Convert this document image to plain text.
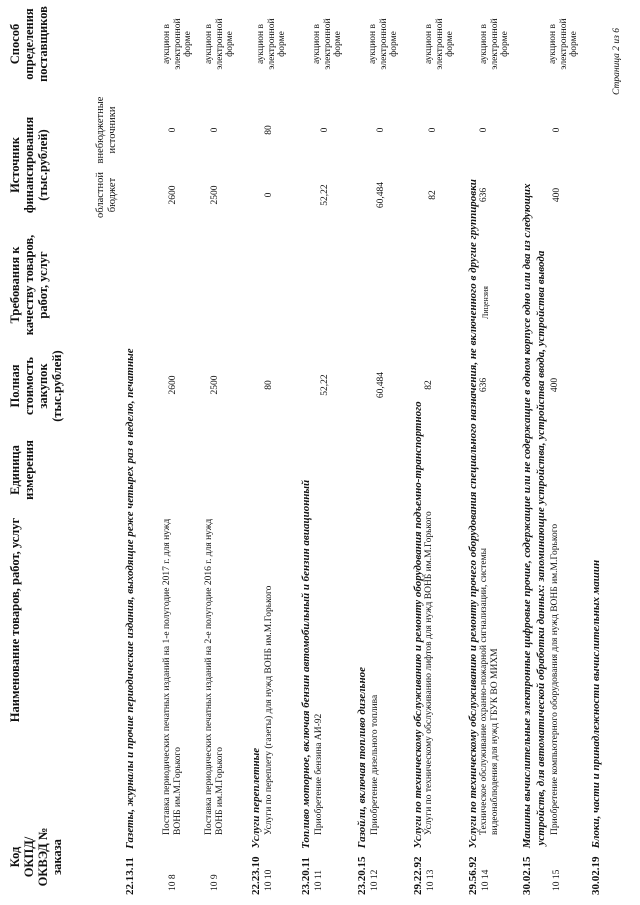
Код ОКПД/ ОКВЭД № заказа
Наименование товаров, работ, услуг
Единица измерения
Полная стоимость закупок (тыс.рублей)
Требования к качеству товаров, работ, услуг
Источник финансирования (тыс.рублей)	областной бюджет
внебюджетные источники
Способ определения поставщиков
22.13.11   Газеты, журналы и прочие периодические издания, выходящие реже четырех раз в неделю, печатные
22.23.10   Услуги переплетные
23.20.11   Топливо моторное, включая бензин автомобильный и бензин авиационный
23.20.15   Газойли, включая топливо дизельное
29.22.92   Услуги по техническому обслуживанию и ремонту оборудования подъемно-транспортного
29.56.92   Услуги по техническому обслуживанию и ремонту прочего оборудования специального назначения, не включенного в другие группировки
30.02.15   Машины вычислительные электронные цифровые прочие, содержащие или не содержащие в одном корпусе одно или два из следующих устройств, для автоматической обработки данных: запоминающие устройства, устройства ввода, устройства вывода
30.02.19   Блоки, части и принадлежности вычислительных машин
10 8
Поставка периодических печатных изданий на 1-е полугодие 2017 г. для нужд ВОНБ им.М.Горького
2600
2600
0
аукцион в электронной форме
10 9
Поставка периодических печатных изданий на 2-е полугодие 2016 г. для нужд ВОНБ им.М.Горького
2500
2500
0
аукцион в электронной форме
10 10
Услуги по переплету (газеты) для нужд ВОНБ им.М.Горького
80
0
80
аукцион в электронной форме
10 11
Приобретение бензина АИ-92
52,22
52,22
0
аукцион в электронной форме
10 12
Приобретение дизельного топлива
60,484
60,484
0
аукцион в электронной форме
10 13
Услуги по техническому обслуживанию лифтов для нужд ВОНБ им.М.Горького
82
82
0
аукцион в электронной форме
10 14
Техническое обслуживание охранно-пожарной сигнализации, системы видеонаблюдения для нужд ГБУК ВО МИХМ
636
Лицензия
636
0
аукцион в электронной форме
10 15
Приобретение компьютерного оборудования для нужд ВОНБ им.М.Горького
400
400
0
аукцион в электронной форме	Страница 2 из 6
